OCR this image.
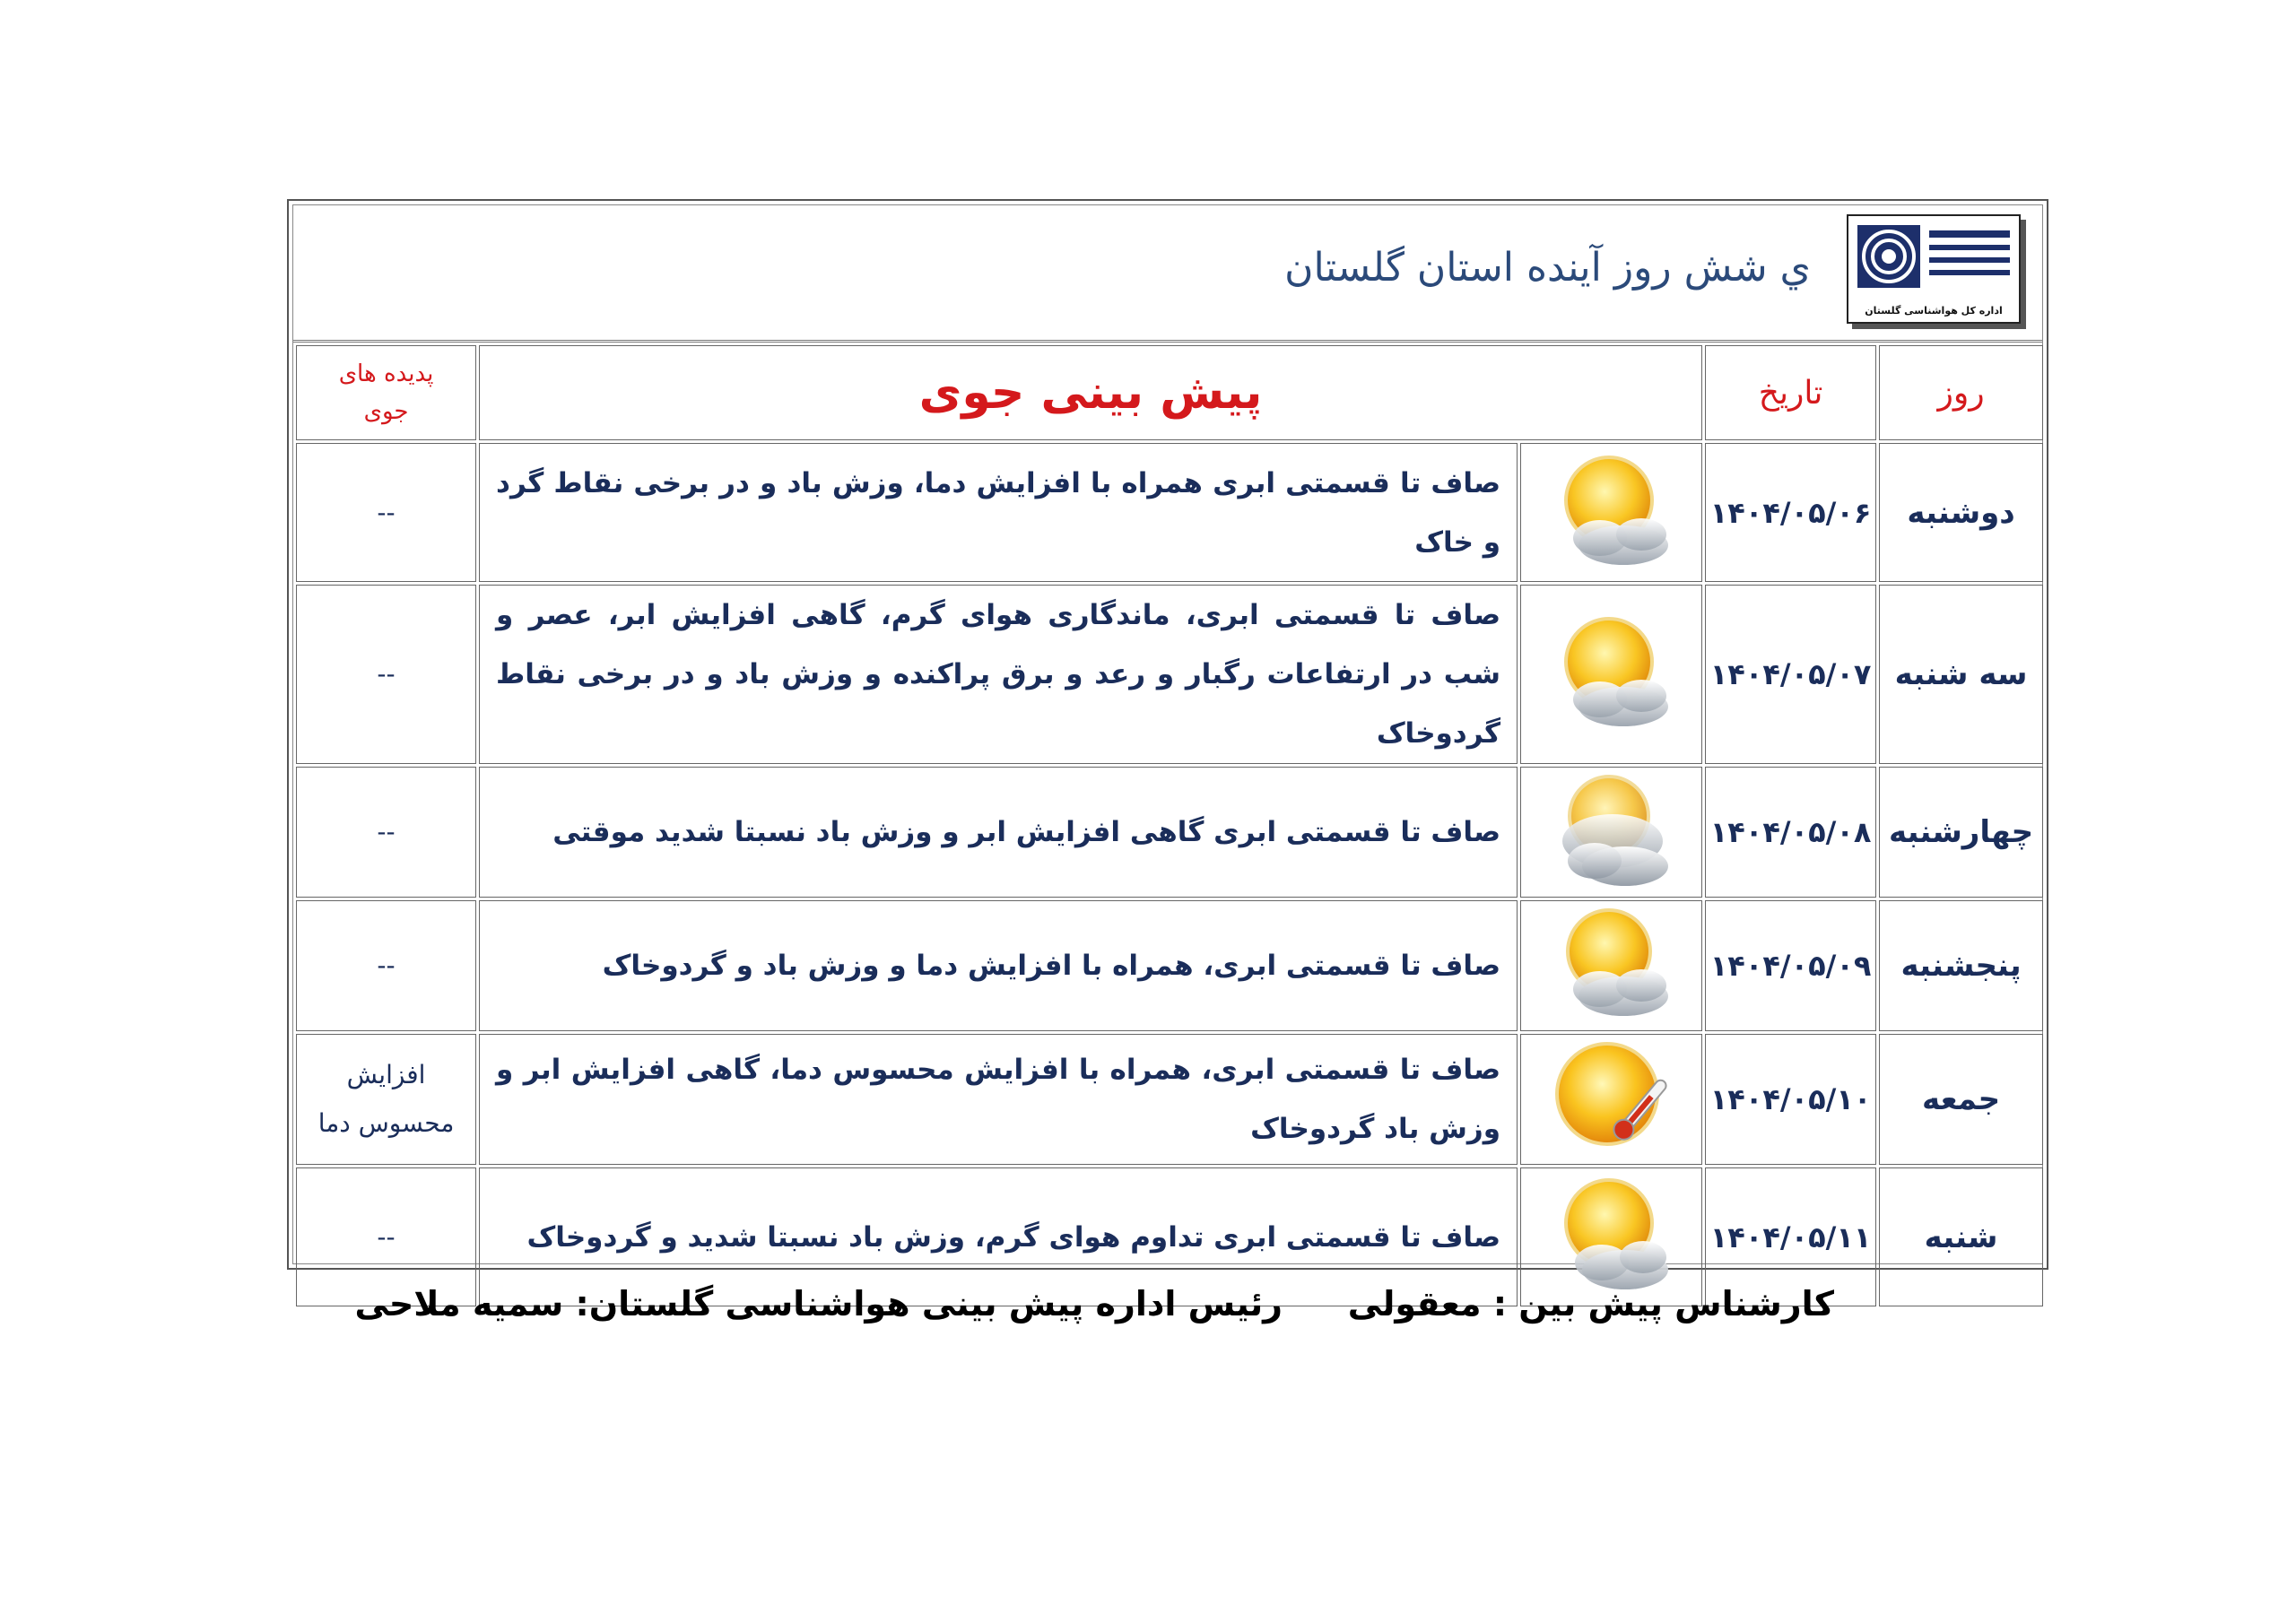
ي شش روز آينده استان گلستان
اداره کل هواشناسی گلستان
روز	تاریخ	پیش بینی جوی		پدیده های
جوی

دوشنبه	۱۴۰۴/۰۵/۰۶		صاف تا قسمتی ابری همراه با افزایش دما، وزش باد و در برخی نقاط گرد و خاک	--
سه شنبه	۱۴۰۴/۰۵/۰۷		صاف تا قسمتی ابری، ماندگاری هوای گرم، گاهی افزایش ابر، عصر و شب در ارتفاعات رگبار و رعد و برق پراکنده و وزش باد و در برخی نقاط گردوخاک	--
چهارشنبه	۱۴۰۴/۰۵/۰۸		صاف تا قسمتی ابری گاهی افزایش ابر و وزش باد نسبتا شدید موقتی	--
پنجشنبه	۱۴۰۴/۰۵/۰۹		صاف تا قسمتی ابری، همراه با افزایش دما و وزش باد و گردوخاک	--
جمعه	۱۴۰۴/۰۵/۱۰		صاف تا قسمتی ابری، همراه با افزایش محسوس دما، گاهی افزایش ابر و وزش باد گردوخاک	افزایش
محسوس دما

شنبه	۱۴۰۴/۰۵/۱۱		صاف تا قسمتی ابری تداوم هوای گرم، وزش باد نسبتا شدید و گردوخاک	--
کارشناس پیش بین : معقولی
رئیس اداره پیش بینی هواشناسی گلستان: سمیه ملاحی
